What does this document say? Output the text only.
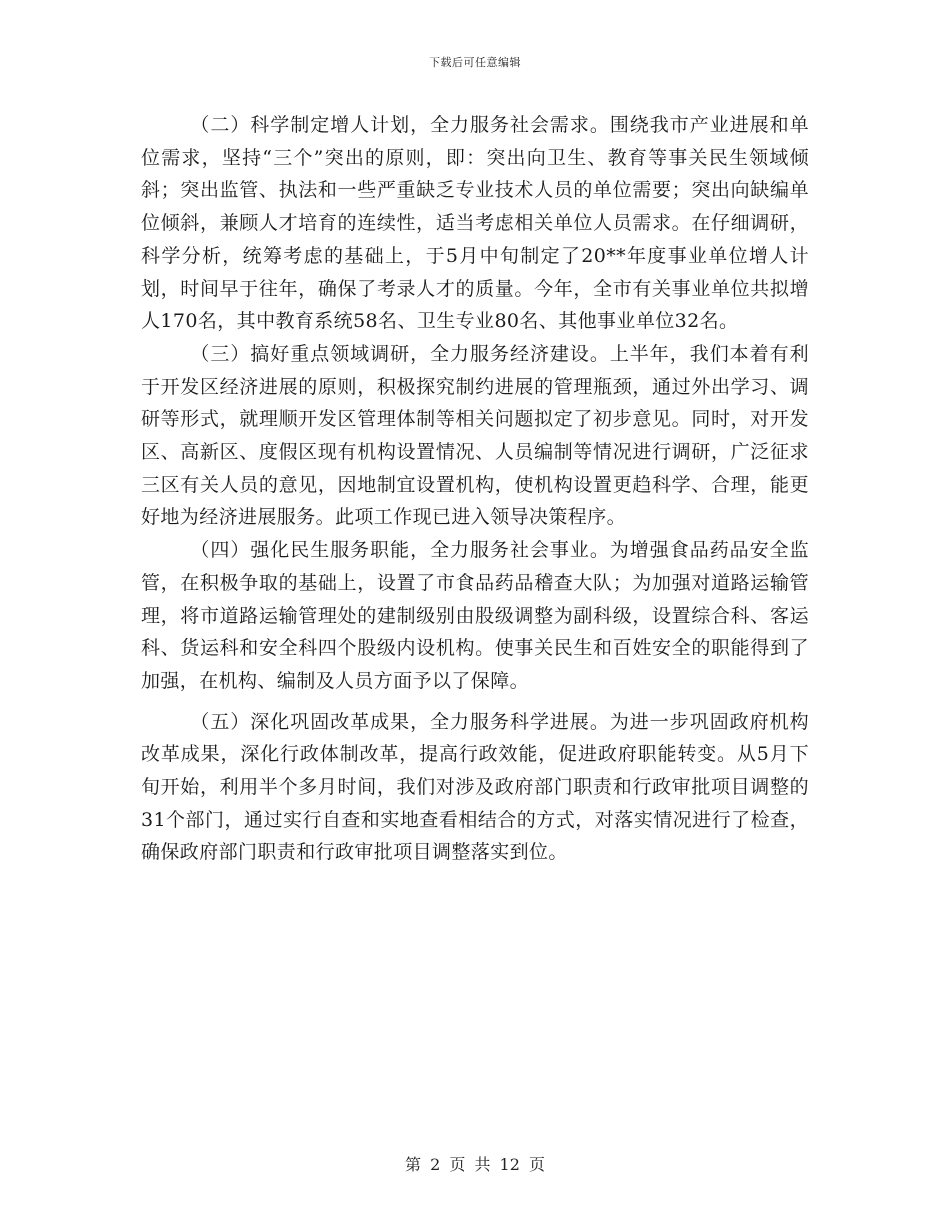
下载后可任意编辑

（二）科学制定增人计划，全力服务社会需求。围绕我市产业进展和单位需求，坚持“三个”突出的原则，即：突出向卫生、教育等事关民生领域倾斜；突出监管、执法和一些严重缺乏专业技术人员的单位需要；突出向缺编单位倾斜，兼顾人才培育的连续性，适当考虑相关单位人员需求。在仔细调研，科学分析，统筹考虑的基础上，于5月中旬制定了20**年度事业单位增人计划，时间早于往年，确保了考录人才的质量。今年，全市有关事业单位共拟增人170名，其中教育系统58名、卫生专业80名、其他事业单位32名。

（三）搞好重点领域调研，全力服务经济建设。上半年，我们本着有利于开发区经济进展的原则，积极探究制约进展的管理瓶颈，通过外出学习、调研等形式，就理顺开发区管理体制等相关问题拟定了初步意见。同时，对开发区、高新区、度假区现有机构设置情况、人员编制等情况进行调研，广泛征求三区有关人员的意见，因地制宜设置机构，使机构设置更趋科学、合理，能更好地为经济进展服务。此项工作现已进入领导决策程序。

（四）强化民生服务职能，全力服务社会事业。为增强食品药品安全监管，在积极争取的基础上，设置了市食品药品稽查大队；为加强对道路运输管理，将市道路运输管理处的建制级别由股级调整为副科级，设置综合科、客运科、货运科和安全科四个股级内设机构。使事关民生和百姓安全的职能得到了加强，在机构、编制及人员方面予以了保障。

（五）深化巩固改革成果，全力服务科学进展。为进一步巩固政府机构改革成果，深化行政体制改革，提高行政效能，促进政府职能转变。从5月下旬开始，利用半个多月时间，我们对涉及政府部门职责和行政审批项目调整的31个部门，通过实行自查和实地查看相结合的方式，对落实情况进行了检查，确保政府部门职责和行政审批项目调整落实到位。

第 2 页 共 12 页
